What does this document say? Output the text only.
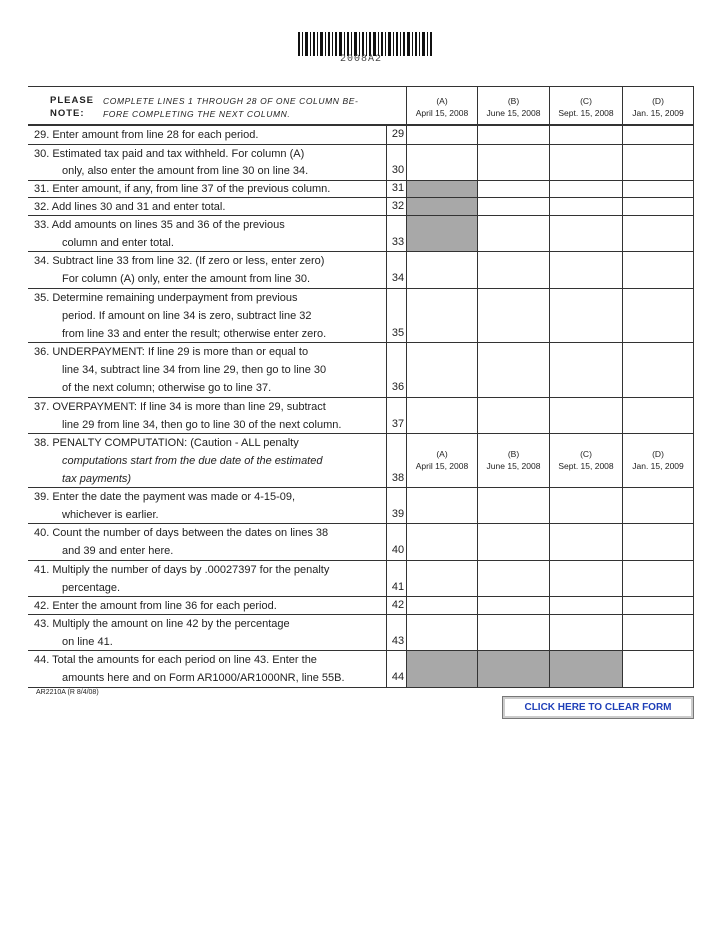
2008A2
PLEASE
NOTE:
COMPLETE LINES 1 THROUGH 28 OF ONE COLUMN BE-
FORE COMPLETING THE NEXT COLUMN.
(A)
April 15, 2008
(B)
June 15, 2008
(C)
Sept. 15, 2008
(D)
Jan. 15, 2009
(A)
April 15, 2008
(B)
June 15, 2008
(C)
Sept. 15, 2008
(D)
Jan. 15, 2009
29. Enter amount from line 28 for each period.
30. Estimated tax paid and tax withheld. For column (A)
only, also enter the amount from line 30 on line 34.
31. Enter amount, if any, from line 37 of the previous column.
32. Add lines 30 and 31 and enter total.
33. Add amounts on lines 35 and 36 of the previous
column and enter total.
34. Subtract line 33 from line 32. (If zero or less, enter zero)
For column (A) only, enter the amount from line 30.
35. Determine remaining underpayment from previous
period. If amount on line 34 is zero, subtract line 32
from line 33 and enter the result; otherwise enter zero.
36. UNDERPAYMENT: If line 29 is more than or equal to
line 34, subtract line 34 from line 29, then go to line 30
of the next column; otherwise go to line 37.
37. OVERPAYMENT: If line 34 is more than line 29, subtract
line 29 from line 34, then go to line 30 of the next column.
38. PENALTY COMPUTATION: (Caution - ALL penalty
computations start from the due date of the estimated
tax payments)
39. Enter the date the payment was made or 4-15-09,
whichever is earlier.
40. Count the number of days between the dates on lines 38
and 39 and enter here.
41. Multiply the number of days by .00027397 for the penalty
percentage.
42. Enter the amount from line 36 for each period.
43. Multiply the amount on line 42 by the percentage
on line 41.
44. Total the amounts for each period on line 43. Enter the
amounts here and on Form AR1000/AR1000NR, line 55B.
29
30
31
32
33
34
35
36
37
38
39
40
41
42
43
44
AR2210A (R 8/4/08)
CLICK HERE TO CLEAR FORM
